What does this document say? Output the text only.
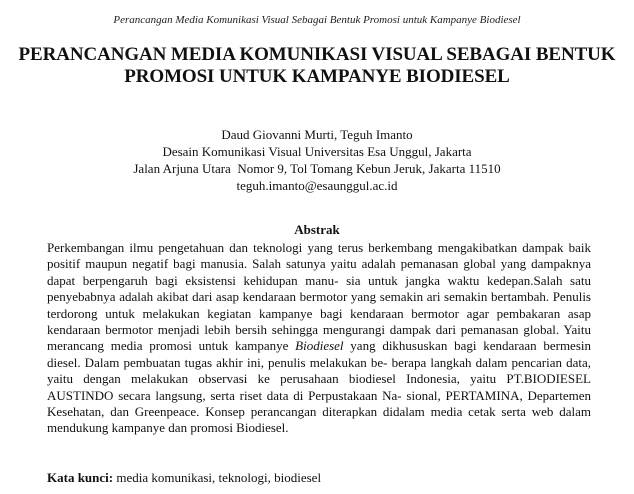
Perancangan Media Komunikasi Visual Sebagai Bentuk Promosi untuk Kampanye Biodiesel
PERANCANGAN MEDIA KOMUNIKASI VISUAL SEBAGAI BENTUK
PROMOSI UNTUK KAMPANYE BIODIESEL
Daud Giovanni Murti, Teguh Imanto
Desain Komunikasi Visual Universitas Esa Unggul, Jakarta
Jalan Arjuna Utara  Nomor 9, Tol Tomang Kebun Jeruk, Jakarta 11510
teguh.imanto@esaunggul.ac.id
Abstrak
Perkembangan ilmu pengetahuan dan teknologi yang terus berkembang mengakibatkan dampak baik positif maupun negatif bagi manusia. Salah satunya yaitu adalah pemanasan global yang dampaknya dapat berpengaruh bagi eksistensi kehidupan manu- sia untuk jangka waktu kedepan.Salah satu penyebabnya adalah akibat dari asap kendaraan bermotor yang semakin ari semakin bertambah. Penulis terdorong untuk melakukan kegiatan kampanye bagi kendaraan bermotor agar pembakaran asap kendaraan bermotor menjadi lebih bersih sehingga mengurangi dampak dari pemanasan global. Yaitu merancang media promosi untuk kampanye Biodiesel yang dikhususkan bagi kendaraan bermesin diesel. Dalam pembuatan tugas akhir ini, penulis melakukan be- berapa langkah dalam pencarian data, yaitu dengan melakukan observasi ke perusahaan biodiesel Indonesia, yaitu PT.BIODIESEL AUSTINDO secara langsung, serta riset data di Perpustakaan Na- sional, PERTAMINA, Departemen Kesehatan, dan Greenpeace. Konsep perancangan diterapkan didalam media cetak serta web dalam mendukung kampanye dan promosi Biodiesel.
Kata kunci: media komunikasi, teknologi, biodiesel
